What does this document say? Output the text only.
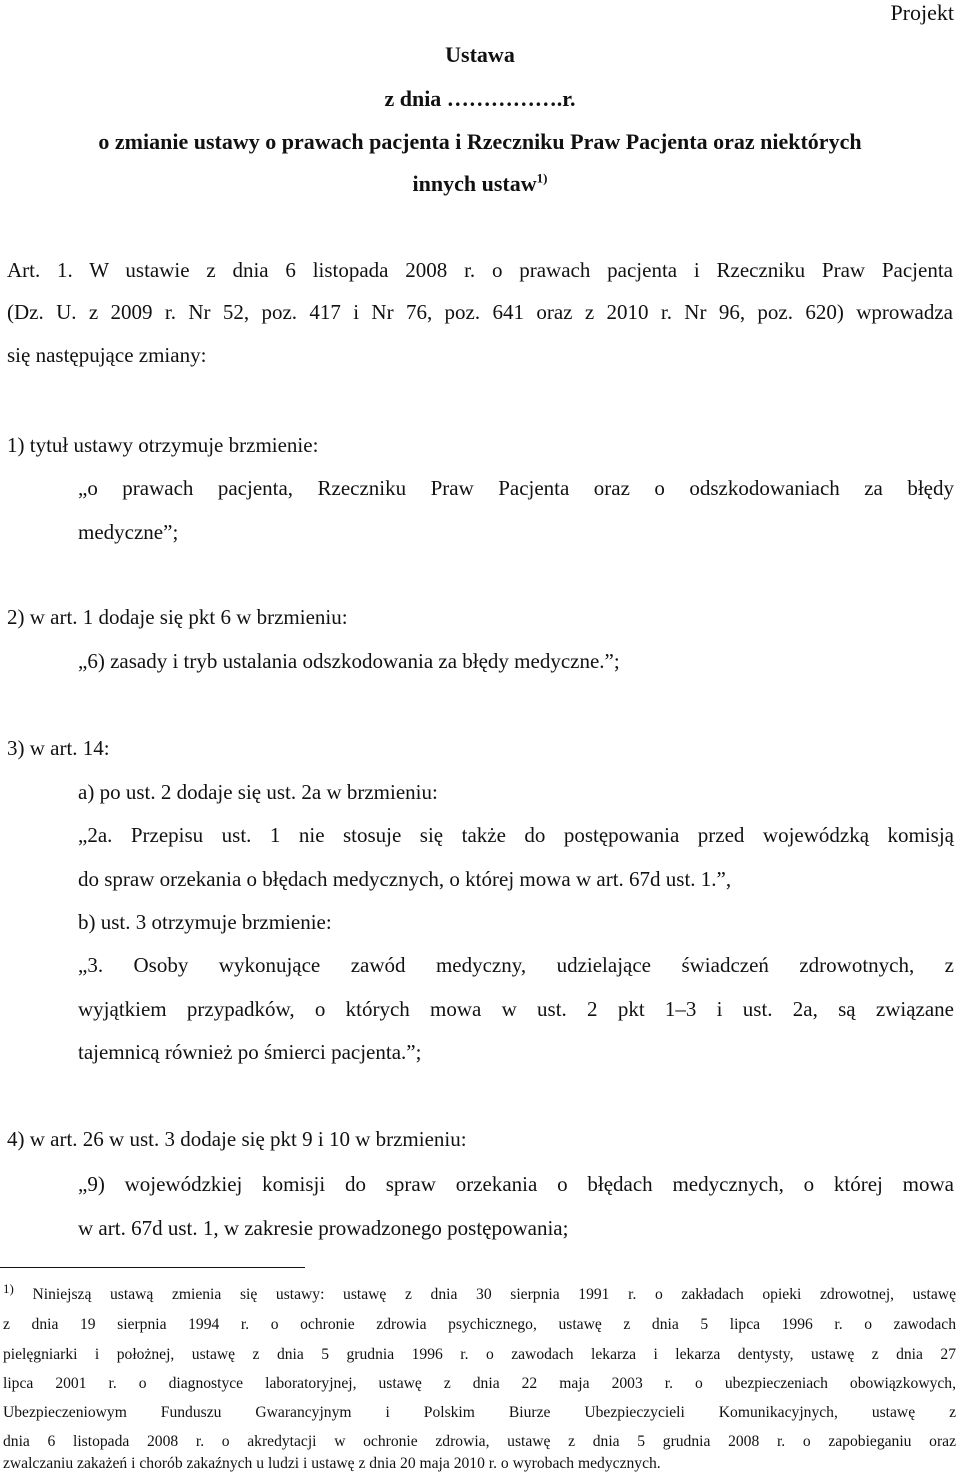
Projekt
Ustawa
z dnia …………….r.
o zmianie ustawy o prawach pacjenta i Rzeczniku Praw Pacjenta oraz niektórych
innych ustaw$^{1)}$
Art. 1. W ustawie z dnia 6 listopada 2008 r. o prawach pacjenta i Rzeczniku Praw Pacjenta
(Dz. U. z 2009 r. Nr 52, poz. 417 i Nr 76, poz. 641 oraz z 2010 r. Nr 96, poz. 620) wprowadza
się następujące zmiany:
1) tytuł ustawy otrzymuje brzmienie:
„o prawach pacjenta, Rzeczniku Praw Pacjenta oraz o odszkodowaniach za błędy
medyczne”;
2) w art. 1 dodaje się pkt 6 w brzmieniu:
„6) zasady i tryb ustalania odszkodowania za błędy medyczne.”;
3) w art. 14:
a) po ust. 2 dodaje się ust. 2a w brzmieniu:
„2a. Przepisu ust. 1 nie stosuje się także do postępowania przed wojewódzką komisją
do spraw orzekania o błędach medycznych, o której mowa w art. 67d ust. 1.”,
b) ust. 3 otrzymuje brzmienie:
„3. Osoby wykonujące zawód medyczny, udzielające świadczeń zdrowotnych, z
wyjątkiem przypadków, o których mowa w ust. 2 pkt 1–3 i ust. 2a, są związane
tajemnicą również po śmierci pacjenta.”;
4) w art. 26 w ust. 3 dodaje się pkt 9 i 10 w brzmieniu:
„9) wojewódzkiej komisji do spraw orzekania o błędach medycznych, o której mowa
w art. 67d ust. 1, w zakresie prowadzonego postępowania;
$^{1)}$ Niniejszą ustawą zmienia się ustawy: ustawę z dnia 30 sierpnia 1991 r. o zakładach opieki zdrowotnej, ustawę
z dnia 19 sierpnia 1994 r. o ochronie zdrowia psychicznego, ustawę z dnia 5 lipca 1996 r. o zawodach
pielęgniarki i położnej, ustawę z dnia 5 grudnia 1996 r. o zawodach lekarza i lekarza dentysty, ustawę z dnia 27
lipca 2001 r. o diagnostyce laboratoryjnej, ustawę z dnia 22 maja 2003 r. o ubezpieczeniach obowiązkowych,
Ubezpieczeniowym Funduszu Gwarancyjnym i Polskim Biurze Ubezpieczycieli Komunikacyjnych, ustawę z
dnia 6 listopada 2008 r. o akredytacji w ochronie zdrowia, ustawę z dnia 5 grudnia 2008 r. o zapobieganiu oraz
zwalczaniu zakażeń i chorób zakaźnych u ludzi i ustawę z dnia 20 maja 2010 r. o wyrobach medycznych.
